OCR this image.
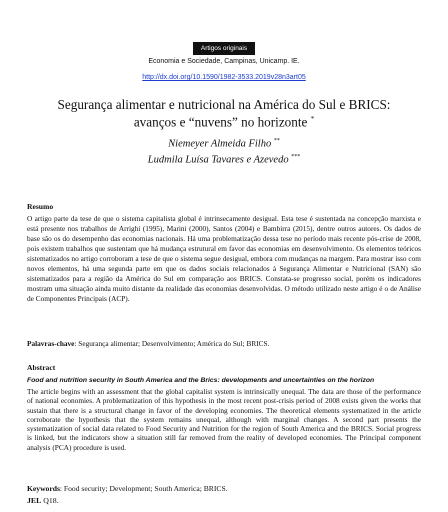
Artigos originais
Economia e Sociedade, Campinas, Unicamp. IE.
http://dx.doi.org/10.1590/1982-3533.2019v28n3art05
Segurança alimentar e nutricional na América do Sul e BRICS:
avanços e “nuvens” no horizonte *
Niemeyer Almeida Filho **
Ludmila Luísa Tavares e Azevedo ***
Resumo
O artigo parte da tese de que o sistema capitalista global é intrinsecamente desigual. Esta tese é sustentada na concepção marxista e está presente nos trabalhos de Arrighi (1995), Marini (2000), Santos (2004) e Bambirra (2015), dentre outros autores. Os dados de base são os do desempenho das economias nacionais. Há uma problematização dessa tese no período mais recente pós-crise de 2008, pois existem trabalhos que sustentam que há mudança estrutural em favor das economias em desenvolvimento. Os elementos teóricos sistematizados no artigo corroboram a tese de que o sistema segue desigual, embora com mudanças na margem. Para mostrar isso com novos elementos, há uma segunda parte em que os dados sociais relacionados à Segurança Alimentar e Nutricional (SAN) são sistematizados para a região da América do Sul em comparação aos BRICS. Constata-se progresso social, porém os indicadores mostram uma situação ainda muito distante da realidade das economias desenvolvidas. O método utilizado neste artigo é o de Análise de Componentes Principais (ACP).
Palavras-chave: Segurança alimentar; Desenvolvimento; América do Sul; BRICS.
Abstract
Food and nutrition security in South America and the Brics: developments and uncertainties on the horizon
The article begins with an assessment that the global capitalist system is intrinsically unequal. The data are those of the performance of national economies. A problematization of this hypothesis in the most recent post-crisis period of 2008 exists given the works that sustain that there is a structural change in favor of the developing economies. The theoretical elements systematized in the article corroborate the hypothesis that the system remains unequal, although with marginal changes. A second part presents the systematization of social data related to Food Security and Nutrition for the region of South America and the BRICS. Social progress is linked, but the indicators show a situation still far removed from the reality of developed economies. The Principal component analysis (PCA) procedure is used.
Keywords: Food security; Development; South America; BRICS.
JEL Q18.
